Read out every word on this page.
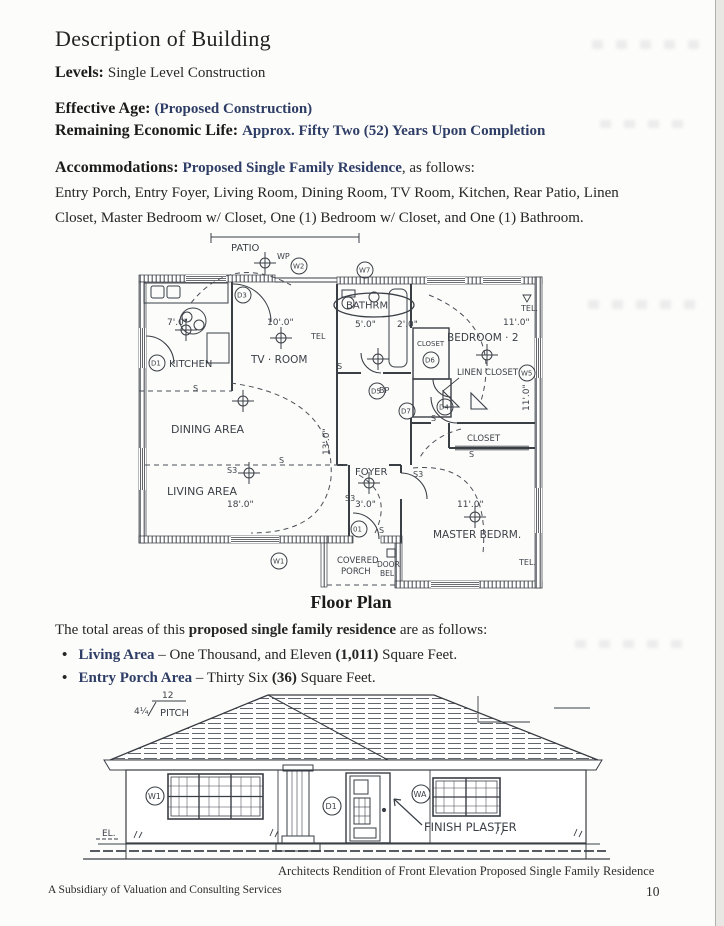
Description of Building
Levels: Single Level Construction
Effective Age: (Proposed Construction)
Remaining Economic Life: Approx. Fifty Two (52) Years Upon Completion
Accommodations: Proposed Single Family Residence, as follows:
Entry Porch, Entry Foyer, Living Room, Dining Room, TV Room, Kitchen, Rear Patio, Linen
Closet, Master Bedroom w/ Closet, One (1) Bedroom w/ Closet, and One (1) Bathroom.
PATIO
W1
W2	W7
W5
D1
D3
D5
D7	D4
D6
01
S
S
S
S
S
S
S3	S3
S3
BP
WP
BATHRM
KITCHEN	TV · ROOM
BEDROOM · 2
CLOSET
LINEN CLOSET
DINING AREA
LIVING AREA
FOYER
CLOSET
MASTER BEDRM.
COVERED
PORCH
DOOR
BEL
TEL
TEL.
TEL.
7'.0"	10'.0"	5'.0" 2'.0"	11'.0"
18'.0"	3'.0"	11'.0"
13'.0"
11'.0"
Floor Plan
The total areas of this proposed single family residence are as follows:
• Living Area – One Thousand, and Eleven (1,011) Square Feet.
• Entry Porch Area – Thirty Six (36) Square Feet.
12
4¼ PITCH
W1
D1
WA
FINISH PLASTER
EL.
Architects Rendition of Front Elevation Proposed Single Family Residence
A Subsidiary of Valuation and Consulting Services	10
